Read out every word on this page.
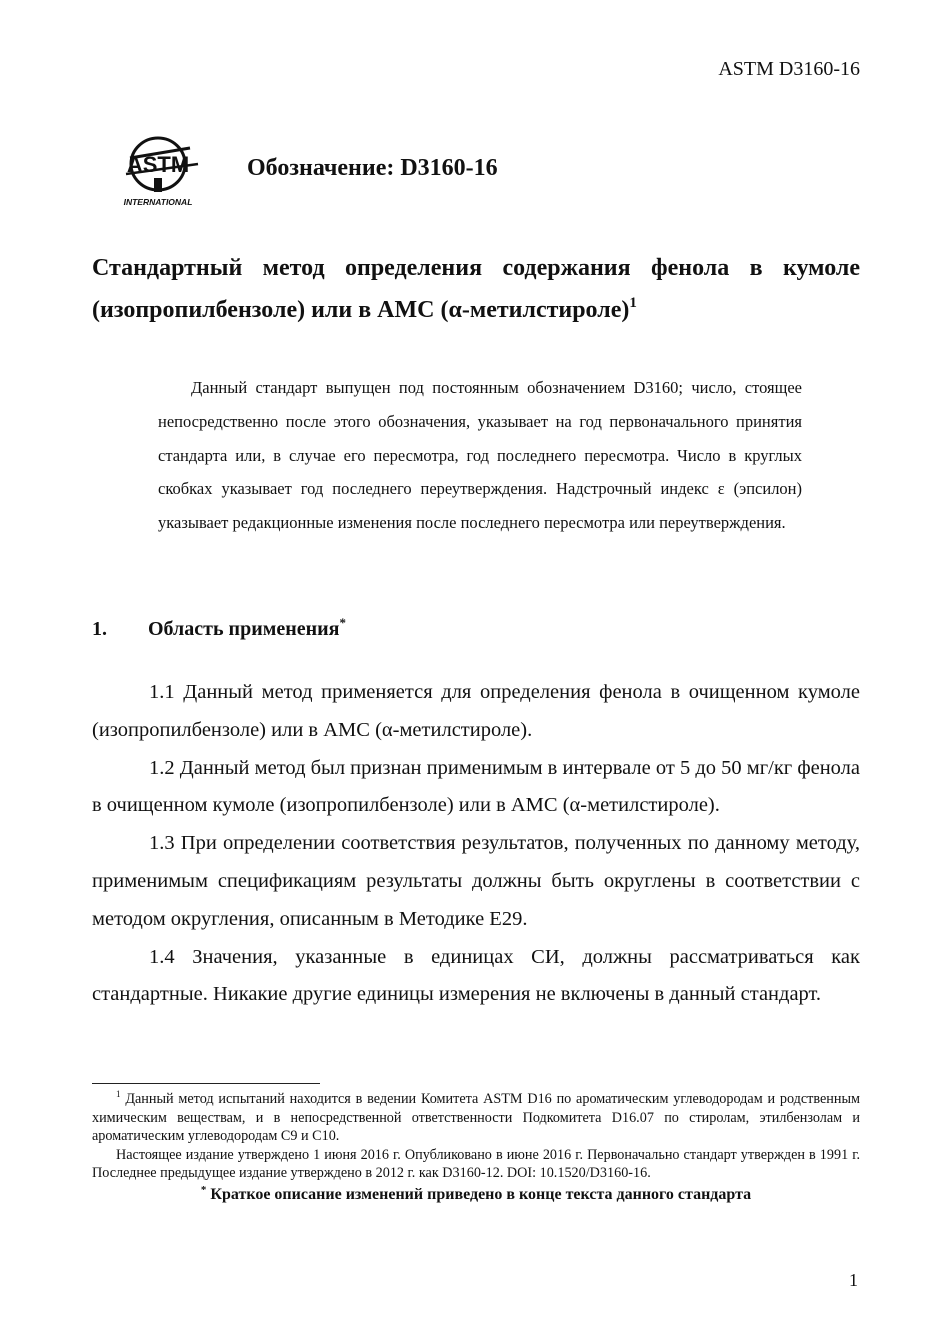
ASTM D3160-16
ASTM
INTERNATIONAL
Обозначение: D3160-16
Стандартный метод определения содержания фенола в кумоле (изопропилбензоле) или в АМС (α-метилстироле)$^1$
Данный стандарт выпущен под постоянным обозначением D3160; число, стоящее непосредственно после этого обозначения, указывает на год первоначального принятия стандарта или, в случае его пересмотра, год последнего пересмотра. Число в круглых скобках указывает год последнего переутверждения. Надстрочный индекс ε (эпсилон) указывает редакционные изменения после последнего пересмотра или переутверждения.
1. Область применения*

1.1 Данный метод применяется для определения фенола в очищенном кумоле (изопропилбензоле) или в АМС (α-метилстироле).

1.2 Данный метод был признан применимым в интервале от 5 до 50 мг/кг фенола в очищенном кумоле (изопропилбензоле) или в АМС (α-метилстироле).

1.3 При определении соответствия результатов, полученных по данному методу, применимым спецификациям результаты должны быть округлены в соответствии с методом округления, описанным в Методике E29.

1.4 Значения, указанные в единицах СИ, должны рассматриваться как стандартные. Никакие другие единицы измерения не включены в данный стандарт.

$^1$ Данный метод испытаний находится в ведении Комитета ASTM D16 по ароматическим углеводородам и родственным химическим веществам, и в непосредственной ответственности Подкомитета D16.07 по стиролам, этилбензолам и ароматическим углеводородам C9 и C10.

Настоящее издание утверждено 1 июня 2016 г. Опубликовано в июне 2016 г. Первоначально стандарт утвержден в 1991 г. Последнее предыдущее издание утверждено в 2012 г. как D3160-12. DOI: 10.1520/D3160-16.

* Краткое описание изменений приведено в конце текста данного стандарта
1
